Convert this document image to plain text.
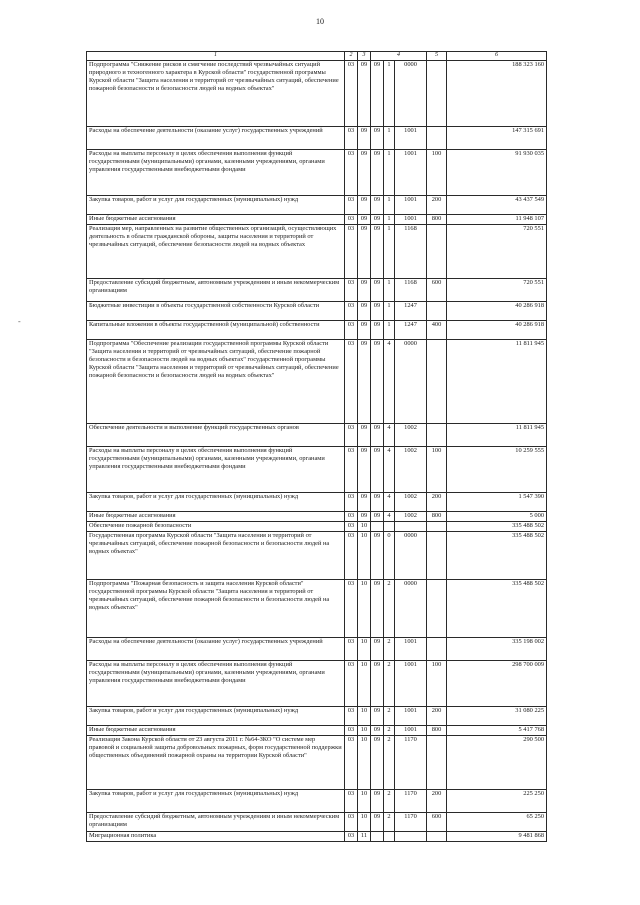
10
-
1	2	3	4			5	6
Подпрограмма "Снижение рисков и смягчение последствий чрезвычайных ситуаций природного и техногенного характера в Курской области" государственной программы Курской области "Защита населения и территорий от чрезвычайных ситуаций, обеспечение пожарной безопасности и безопасности людей на водных объектах"	03	09	09	1	0000		188 323 160
Расходы на обеспечение деятельности (оказание услуг) государственных учреждений	03	09	09	1	1001		147 315 691
Расходы на выплаты персоналу в целях обеспечения выполнения функций государственными (муниципальными) органами, казенными учреждениями, органами управления государственными внебюджетными фондами	03	09	09	1	1001	100	91 930 035
Закупка товаров, работ и услуг для государственных (муниципальных) нужд	03	09	09	1	1001	200	43 437 549
Иные бюджетные ассигнования	03	09	09	1	1001	800	11 948 107
Реализация мер, направленных на развитие общественных организаций, осуществляющих деятельность в области гражданской обороны, защиты населения и территорий от чрезвычайных ситуаций, обеспечение безопасности людей на водных объектах	03	09	09	1	1168		720 551
Предоставление субсидий бюджетным, автономным учреждениям и иным некоммерческим организациям	03	09	09	1	1168	600	720 551
Бюджетные инвестиции в объекты государственной собственности Курской области	03	09	09	1	1247		40 286 918
Капитальные вложения в объекты государственной (муниципальной) собственности	03	09	09	1	1247	400	40 286 918
Подпрограмма "Обеспечение реализации государственной программы Курской области "Защита населения и территорий от чрезвычайных ситуаций, обеспечение пожарной безопасности и безопасности людей на водных объектах" государственной программы Курской области "Защита населения и территорий от чрезвычайных ситуаций, обеспечение пожарной безопасности и безопасности людей на водных объектах"	03	09	09	4	0000		11 811 945
Обеспечение деятельности и выполнение функций государственных органов	03	09	09	4	1002		11 811 945
Расходы на выплаты персоналу в целях обеспечения выполнения функций государственными (муниципальными) органами, казенными учреждениями, органами управления государственными внебюджетными фондами	03	09	09	4	1002	100	10 259 555
Закупка товаров, работ и услуг для государственных (муниципальных) нужд	03	09	09	4	1002	200	1 547 390
Иные бюджетные ассигнования	03	09	09	4	1002	800	5 000
Обеспечение пожарной безопасности	03	10					335 488 502
Государственная программа Курской области "Защита населения и территорий от чрезвычайных ситуаций, обеспечение пожарной безопасности и безопасности людей на водных объектах"	03	10	09	0	0000		335 488 502
Подпрограмма "Пожарная безопасность и защита населения Курской области" государственной программы Курской области "Защита населения и территорий от чрезвычайных ситуаций, обеспечение пожарной безопасности и безопасности людей на водных объектах"	03	10	09	2	0000		335 488 502
Расходы на обеспечение деятельности (оказание услуг) государственных учреждений	03	10	09	2	1001		335 198 002
Расходы на выплаты персоналу в целях обеспечения выполнения функций государственными (муниципальными) органами, казенными учреждениями, органами управления государственными внебюджетными фондами	03	10	09	2	1001	100	298 700 009
Закупка товаров, работ и услуг для государственных (муниципальных) нужд	03	10	09	2	1001	200	31 080 225
Иные бюджетные ассигнования	03	10	09	2	1001	800	5 417 768
Реализация Закона Курской области от 23 августа 2011 г. №64-ЗКО "О системе мер правовой и социальной защиты добровольных пожарных, форм государственной поддержки общественных объединений пожарной охраны на территории Курской области"	03	10	09	2	1170		290 500
Закупка товаров, работ и услуг для государственных (муниципальных) нужд	03	10	09	2	1170	200	225 250
Предоставление субсидий бюджетным, автономным учреждениям и иным некоммерческим организациям	03	10	09	2	1170	600	65 250
Миграционная политика	03	11					9 481 868
